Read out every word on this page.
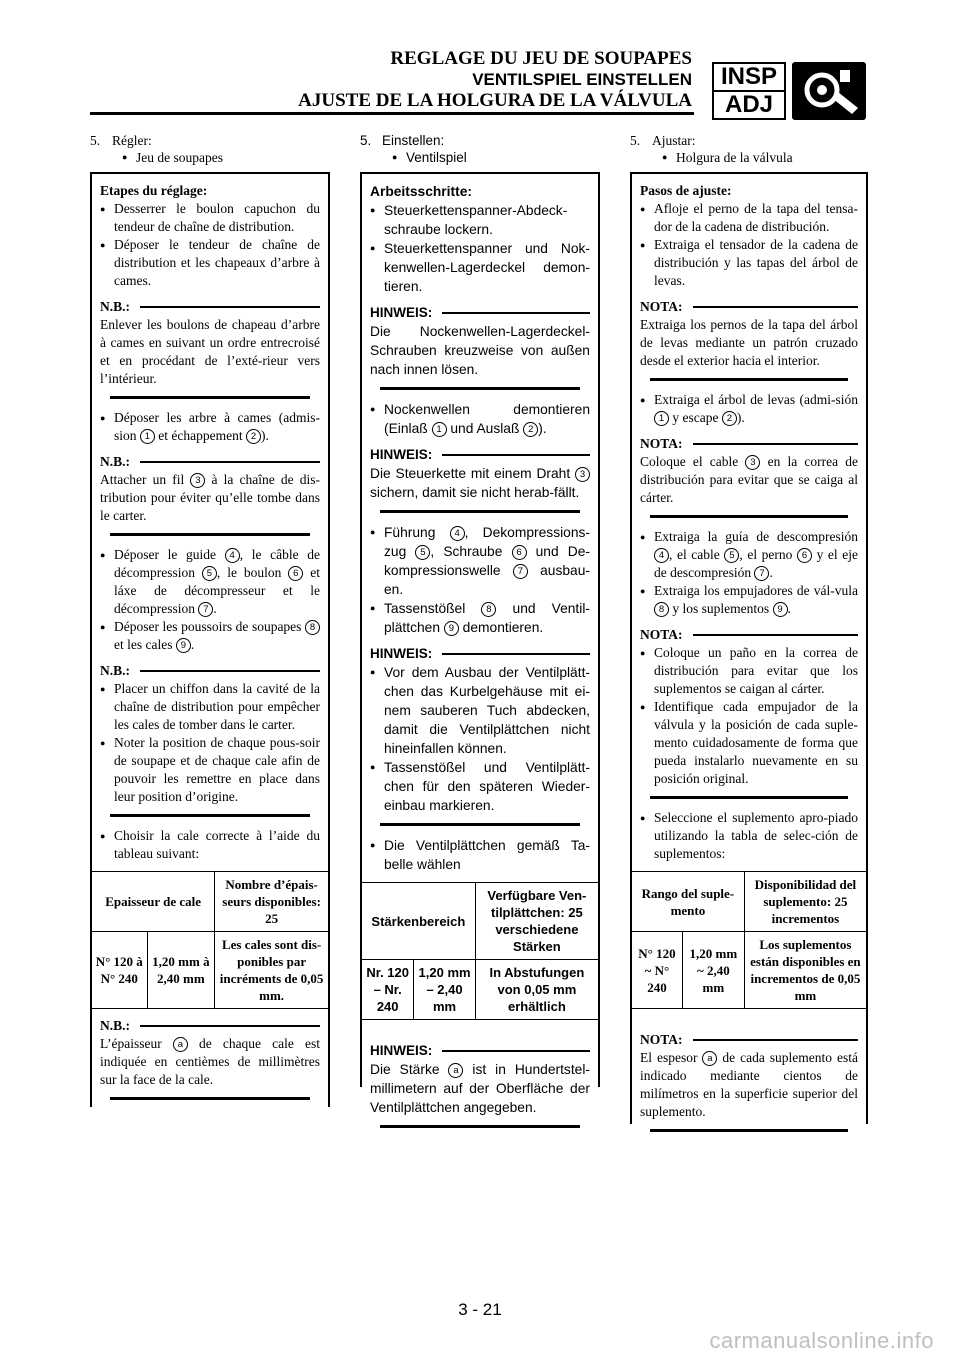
REGLAGE DU JEU DE SOUPAPES
VENTILSPIEL EINSTELLEN
AJUSTE DE LA HOLGURA DE LA VÁLVULA
INSP
ADJ
5. Régler:
● Jeu de soupapes
Etapes du réglage:
● Desserrer le boulon capuchon du tendeur de chaîne de distribution.
● Déposer le tendeur de chaîne de distribution et les chapeaux d’arbre à cames.
N.B.:
Enlever les boulons de chapeau d’arbre à cames en suivant un ordre entrecroisé et en procédant de l’exté-rieur vers l’intérieur.
● Déposer les arbre à cames (admis-sion 1 et échappement 2 ).
N.B.:
Attacher un fil 3 à la chaîne de dis-tribution pour éviter qu’elle tombe dans le carter.
● Déposer le guide 4 , le câble de décompression 5 , le boulon 6 et láxe de décompresseur et le décompression 7 .
● Déposer les poussoirs de soupapes 8 et les cales 9 .
N.B.:
● Placer un chiffon dans la cavité de la chaîne de distribution pour empêcher les cales de tomber dans le carter.
● Noter la position de chaque pous-soir de soupape et de chaque cale afin de pouvoir les remettre en place dans leur position d’origine.
● Choisir la cale correcte à l’aide du tableau suivant:
Epaisseur de cale		Nombre d’épais-seurs disponibles: 25
N° 120 à N° 240	1,20 mm à 2,40 mm	Les cales sont dis-ponibles par incréments de 0,05 mm.
N.B.:
L’épaisseur a de chaque cale est indiquée en centièmes de millimètres sur la face de la cale.
5. Einstellen:
● Ventilspiel
Arbeitsschritte:
● Steuerkettenspanner-Abdeck-schraube lockern.
● Steuerkettenspanner und Nok-kenwellen-Lagerdeckel demon-tieren.
HINWEIS:
Die Nockenwellen-Lagerdeckel-Schrauben kreuzweise von außen nach innen lösen.
● Nockenwellen demontieren (Einlaß 1 und Auslaß 2 ).
HINWEIS:
Die Steuerkette mit einem Draht 3 sichern, damit sie nicht herab-fällt.
● Führung 4 , Dekompressions-zug 5 , Schraube 6 und De-kompressionswelle 7 ausbau-en.
● Tassenstößel 8 und Ventil-plättchen 9 demontieren.
HINWEIS:
● Vor dem Ausbau der Ventilplätt-chen das Kurbelgehäuse mit ei-nem sauberen Tuch abdecken, damit die Ventilplättchen nicht hineinfallen können.
● Tassenstößel und Ventilplätt-chen für den späteren Wieder-einbau markieren.
● Die Ventilplättchen gemäß Ta-belle wählen
Stärkenbereich		Verfügbare Ven-tilplättchen: 25 verschiedene Stärken
Nr. 120 – Nr. 240	1,20 mm – 2,40 mm	In Abstufungen von 0,05 mm erhältlich
HINWEIS:
Die Stärke a ist in Hundertstel-millimetern auf der Oberfläche der Ventilplättchen angegeben.
5. Ajustar:
● Holgura de la válvula
Pasos de ajuste:
● Afloje el perno de la tapa del tensa-dor de la cadena de distribución.
● Extraiga el tensador de la cadena de distribución y las tapas del árbol de levas.
NOTA:
Extraiga los pernos de la tapa del árbol de levas mediante un patrón cruzado desde el exterior hacia el interior.
● Extraiga el árbol de levas (admi-sión 1 y escape 2 ).
NOTA:
Coloque el cable 3 en la correa de distribución para evitar que se caiga al cárter.
● Extraiga la guía de descompresión 4 , el cable 5 , el perno 6 y el eje de descompresión 7 .
● Extraiga los empujadores de vál-vula 8 y los suplementos 9 .
NOTA:
● Coloque un paño en la correa de distribución para evitar que los suplementos se caigan al cárter.
● Identifique cada empujador de la válvula y la posición de cada suple-mento cuidadosamente de forma que pueda instalarlo nuevamente en su posición original.
● Seleccione el suplemento apro-piado utilizando la tabla de selec-ción de suplementos:
Rango del suple-mento		Disponibilidad del suplemento: 25 incrementos
N° 120 ~ N° 240	1,20 mm ~ 2,40 mm	Los suplementos están disponibles en incrementos de 0,05 mm
NOTA:
El espesor a de cada suplemento está indicado mediante cientos de milímetros en la superficie superior del suplemento.
3 - 21
carmanualsonline.info
